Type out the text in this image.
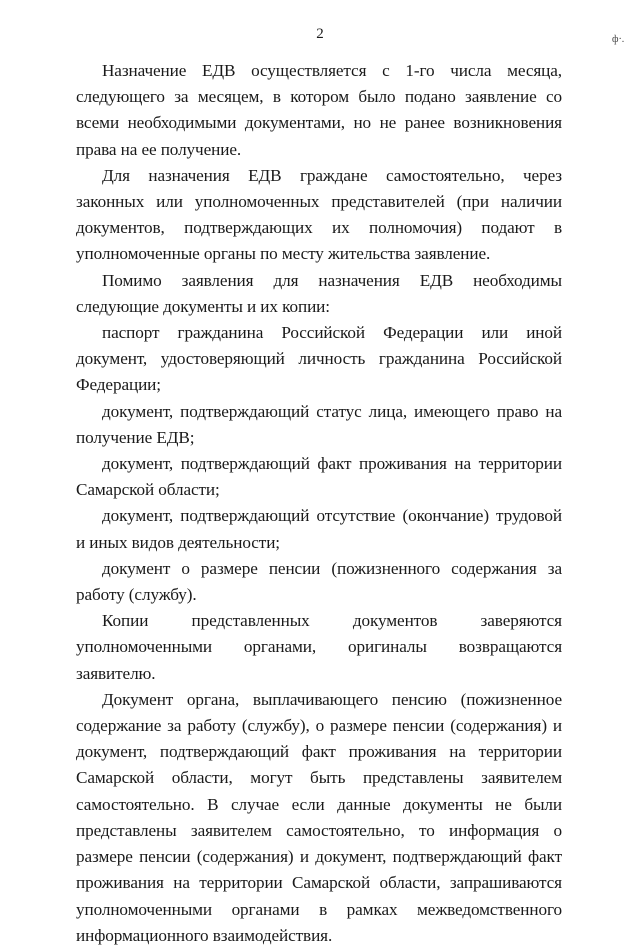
2	ф·.

Назначение ЕДВ осуществляется с 1-го числа месяца, следующего за месяцем, в котором было подано заявление со всеми необходимыми документами, но не ранее возникновения права на ее получение.

Для назначения ЕДВ граждане самостоятельно, через законных или уполномоченных представителей (при наличии документов, подтверждающих их полномочия) подают в уполномоченные органы по месту жительства заявление.

Помимо заявления для назначения ЕДВ необходимы следующие документы и их копии:

паспорт гражданина Российской Федерации или иной документ, удостоверяющий личность гражданина Российской Федерации;

документ, подтверждающий статус лица, имеющего право на получение ЕДВ;

документ, подтверждающий факт проживания на территории Самарской области;

документ, подтверждающий отсутствие (окончание) трудовой и иных видов деятельности;

документ о размере пенсии (пожизненного содержания за работу (службу).

Копии представленных документов заверяются уполномоченными органами, оригиналы возвращаются заявителю.

Документ органа, выплачивающего пенсию (пожизненное содержание за работу (службу), о размере пенсии (содержания) и документ, подтверждающий факт проживания на территории Самарской области, могут быть представлены заявителем самостоятельно. В случае если данные документы не были представлены заявителем самостоятельно, то информация о размере пенсии (содержания) и документ, подтверждающий факт проживания на территории Самарской области, запрашиваются уполномоченными органами в рамках межведомственного информационного взаимодействия.
